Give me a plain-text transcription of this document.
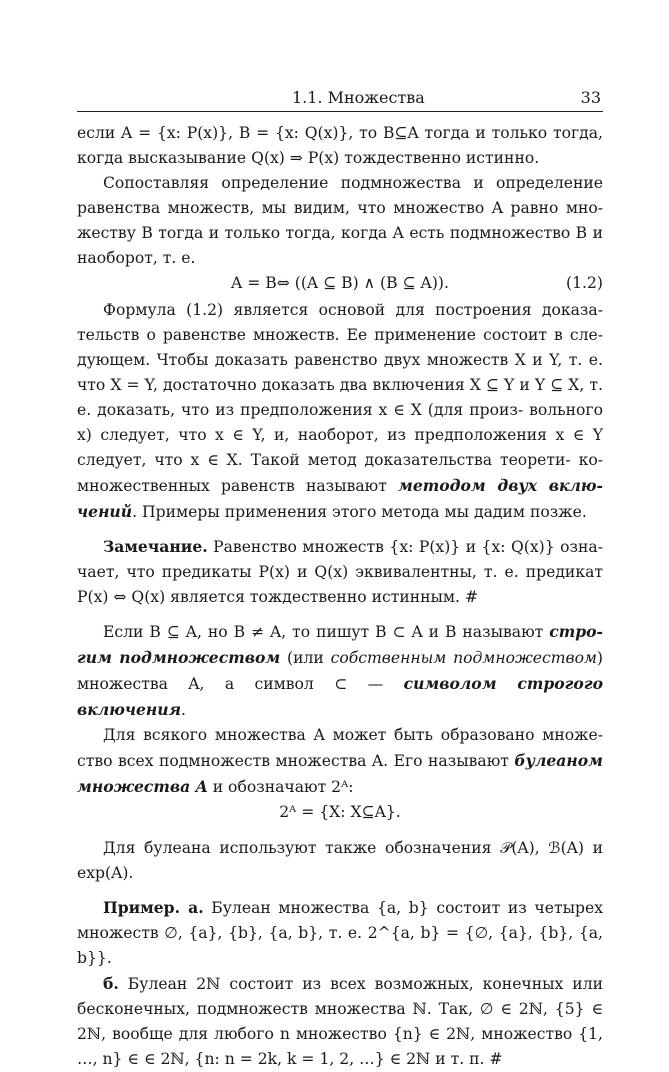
1.1. Множества	33

если A = {x: P(x)}, B = {x: Q(x)}, то B⊆A тогда и только тогда, когда высказывание Q(x) ⇒ P(x) тождественно истинно.

Сопоставляя определение подмножества и определение равенства множеств, мы видим, что множество A равно мно- жеству B тогда и только тогда, когда A есть подмножество B и наоборот, т. е.

A = B⇔ ((A ⊆ B) ∧ (B ⊆ A)).	(1.2)

Формула (1.2) является основой для построения доказа- тельств о равенстве множеств. Ее применение состоит в сле- дующем. Чтобы доказать равенство двух множеств X и Y, т. е. что X = Y, достаточно доказать два включения X ⊆ Y и Y ⊆ X, т. е. доказать, что из предположения x ∈ X (для произ- вольного x) следует, что x ∈ Y, и, наоборот, из предположения x ∈ Y следует, что x ∈ X. Такой метод доказательства теорети- ко-множественных равенств называют методом двух вклю- чений. Примеры применения этого метода мы дадим позже.

Замечание. Равенство множеств {x: P(x)} и {x: Q(x)} озна- чает, что предикаты P(x) и Q(x) эквивалентны, т. е. предикат P(x) ⇔ Q(x) является тождественно истинным. #

Если B ⊆ A, но B ≠ A, то пишут B ⊂ A и B называют стро- гим подмножеством (или собственным подмножеством) множества A, а символ ⊂ — символом строгого включения.

Для всякого множества A может быть образовано множе- ство всех подмножеств множества A. Его называют булеаном множества A и обозначают 2ᴬ:

2ᴬ = {X: X⊆A}.

Для булеана используют также обозначения 𝒫(A), ℬ(A) и exp(A).

Пример. а. Булеан множества {a, b} состоит из четырех множеств ∅, {a}, {b}, {a, b}, т. е. 2^{a, b} = {∅, {a}, {b}, {a, b}}.

б. Булеан 2ℕ состоит из всех возможных, конечных или бесконечных, подмножеств множества ℕ. Так, ∅ ∈ 2ℕ, {5} ∈ 2ℕ, вообще для любого n множество {n} ∈ 2ℕ, множество {1, …, n} ∈ ∈ 2ℕ, {n: n = 2k, k = 1, 2, …} ∈ 2ℕ и т. п. #
